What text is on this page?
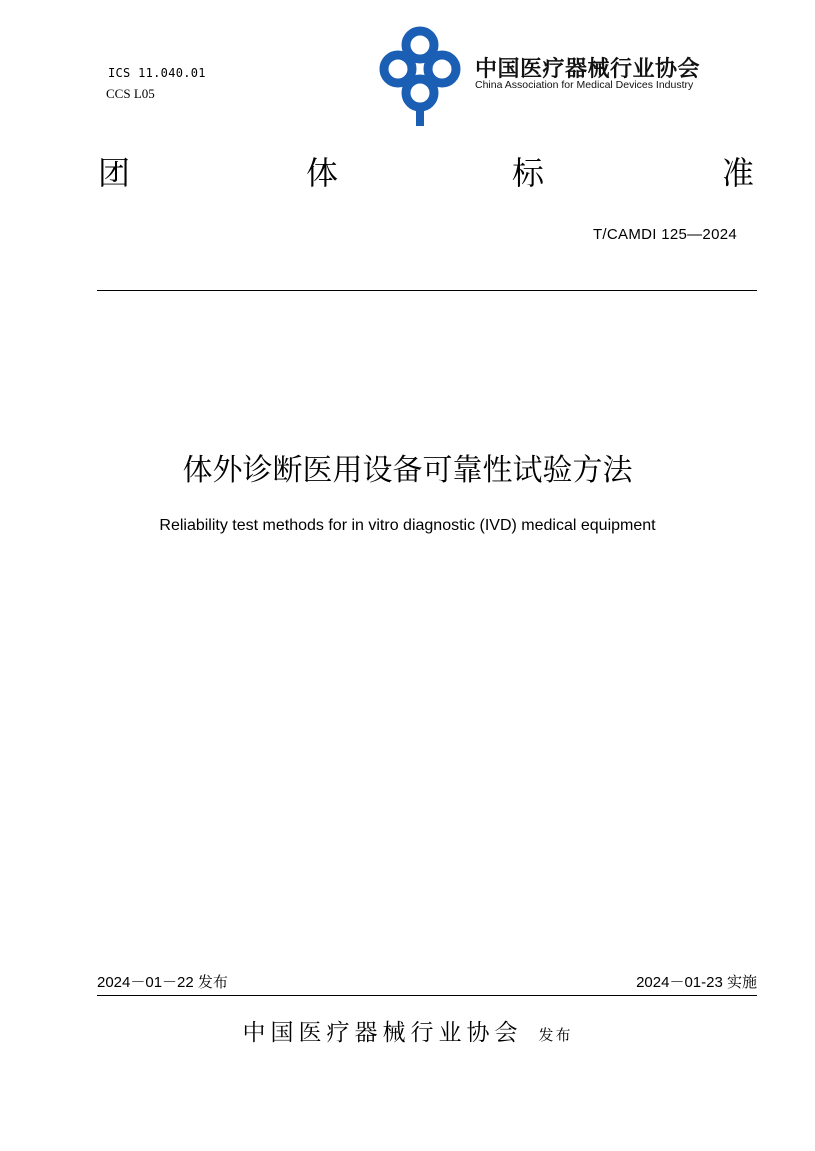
ICS 11.040.01
CCS L05
中国医疗器械行业协会
China Association for Medical Devices Industry
团	体	标	准
T/CAMDI 125—2024
体外诊断医用设备可靠性试验方法
Reliability test methods for in vitro diagnostic (IVD) medical equipment
2024－01－22 发布	2024－01-23 实施
中国医疗器械行业协会 发布
